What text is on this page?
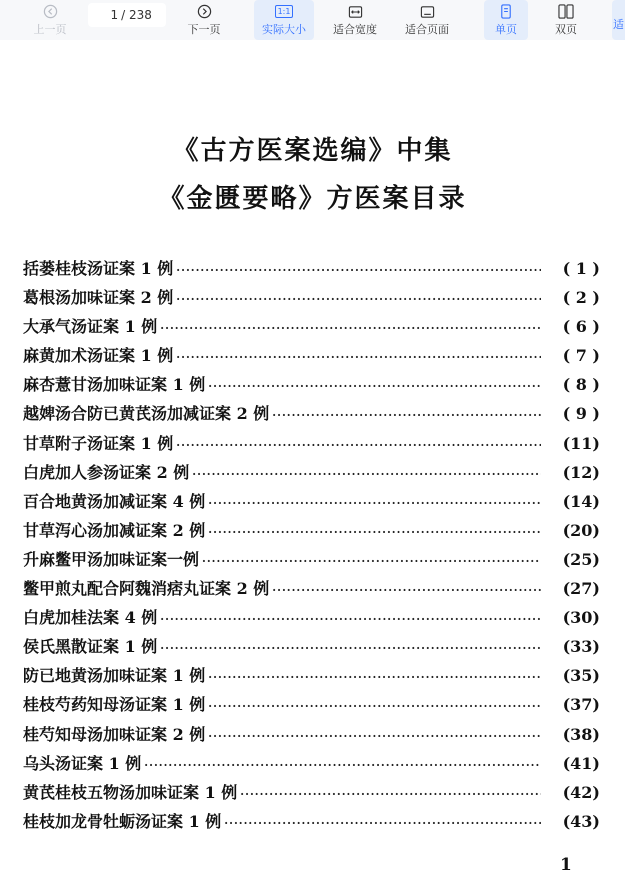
上一页
1
/ 238
下一页
1:1
实际大小 适合宽度	适合页面	单页	双页	适
《古方医案选编》中集
《金匮要略》方医案目录
括蒌桂枝汤证案 1 例 ·····	( 1 )
葛根汤加味证案 2 例 ·····	( 2 )
大承气汤证案 1 例 ·····	( 6 )
麻黄加术汤证案 1 例 ·····	( 7 )
麻杏薏甘汤加味证案 1 例 ·····	( 8 )
越婢汤合防已黄芪汤加减证案 2 例 ·····	( 9 )
甘草附子汤证案 1 例 ·····	(11)
白虎加人参汤证案 2 例 ·····	(12)
百合地黄汤加减证案 4 例 ·····	(14)
甘草泻心汤加减证案 2 例 ·····	(20)
升麻鳖甲汤加味证案一例 ·····	(25)
鳖甲煎丸配合阿魏消痞丸证案 2 例 ·····	(27)
白虎加桂法案 4 例 ·····	(30)
侯氏黑散证案 1 例 ·····	(33)
防已地黄汤加味证案 1 例 ·····	(35)
桂枝芍药知母汤证案 1 例 ·····	(37)
桂芍知母汤加味证案 2 例 ·····	(38)
乌头汤证案 1 例 ·····	(41)
黄芪桂枝五物汤加味证案 1 例 ·····	(42)
桂枝加龙骨牡蛎汤证案 1 例 ·····	(43)
1
